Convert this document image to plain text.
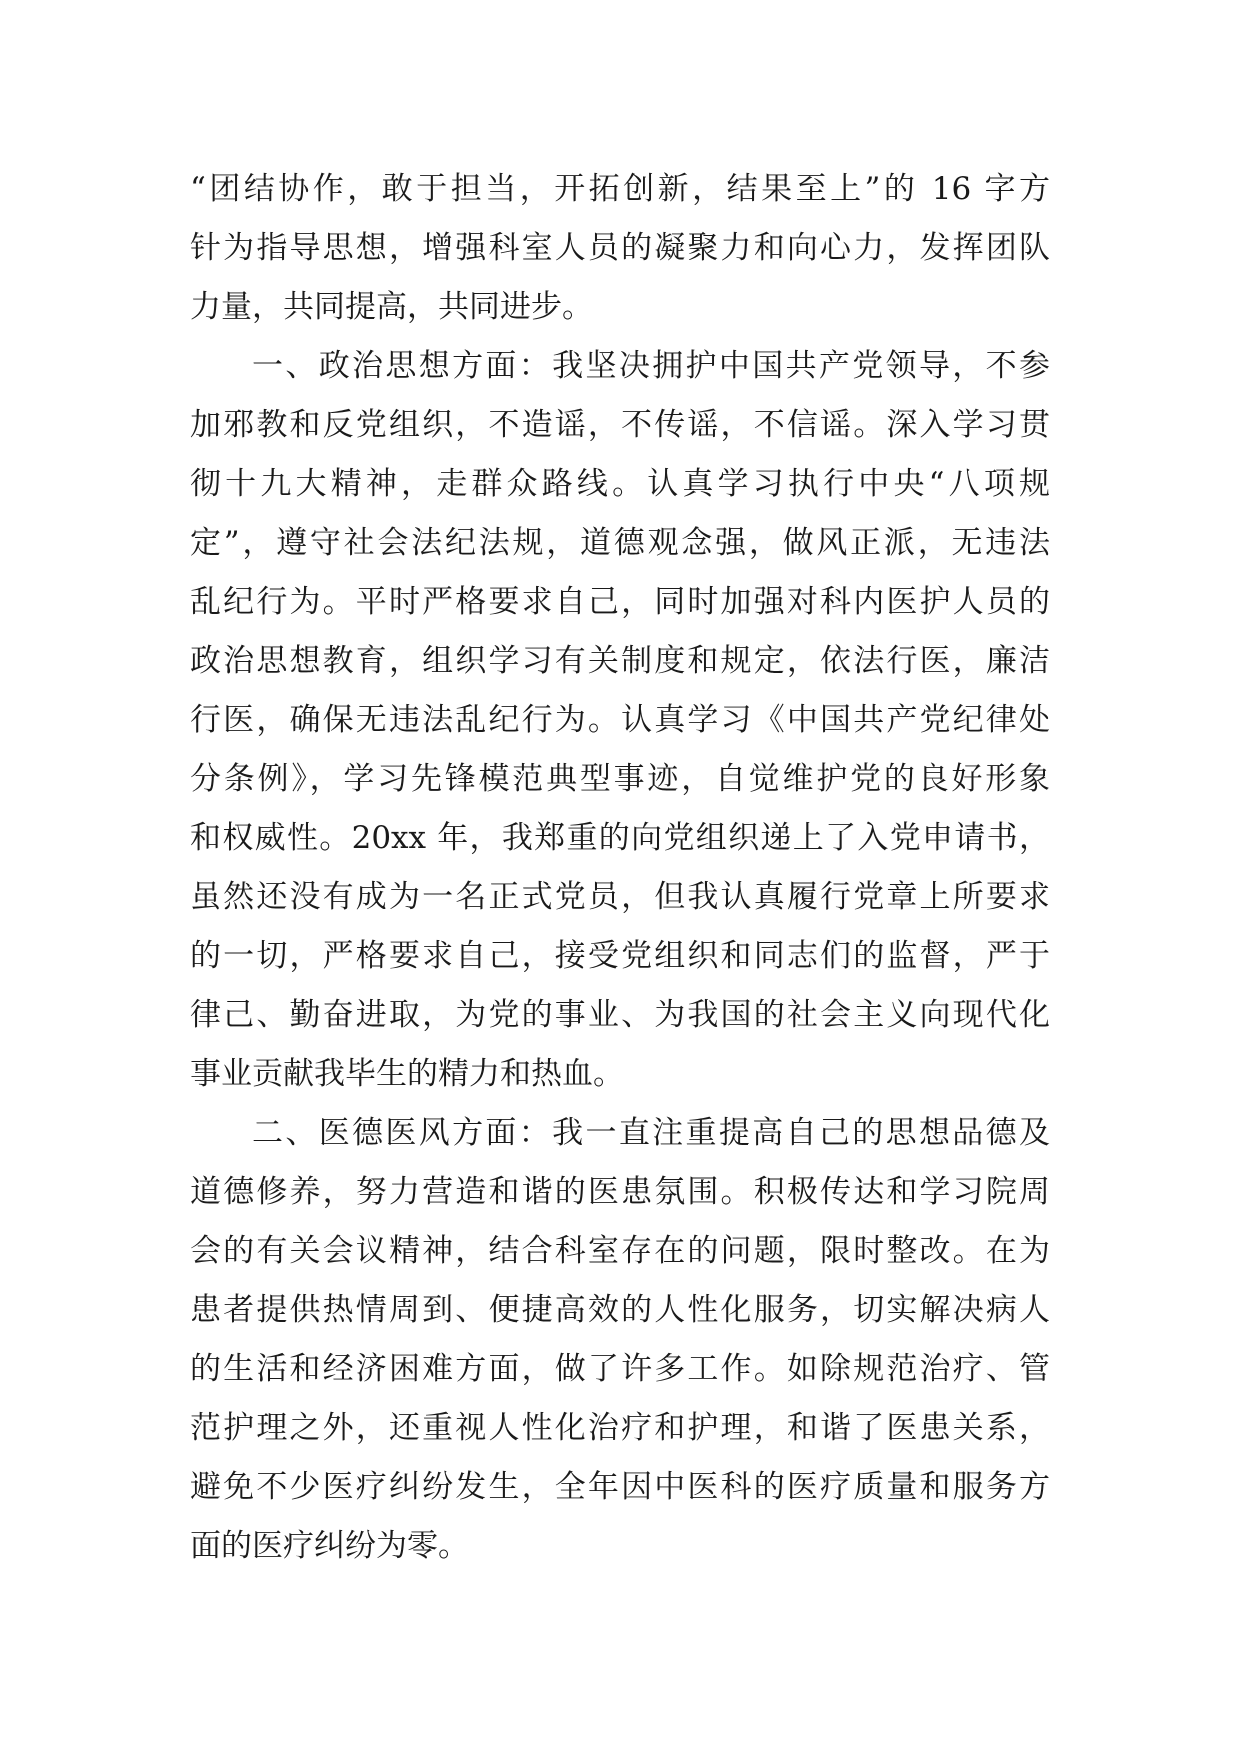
“团结协作，敢于担当，开拓创新，结果至上”的 16 字方
针为指导思想，增强科室人员的凝聚力和向心力，发挥团队
力量，共同提高，共同进步。
一、政治思想方面：我坚决拥护中国共产党领导，不参
加邪教和反党组织，不造谣，不传谣，不信谣。深入学习贯
彻十九大精神，走群众路线。认真学习执行中央“八项规
定”，遵守社会法纪法规，道德观念强，做风正派，无违法
乱纪行为。平时严格要求自己，同时加强对科内医护人员的
政治思想教育，组织学习有关制度和规定，依法行医，廉洁
行医，确保无违法乱纪行为。认真学习《中国共产党纪律处
分条例》，学习先锋模范典型事迹，自觉维护党的良好形象
和权威性。20xx 年，我郑重的向党组织递上了入党申请书，
虽然还没有成为一名正式党员，但我认真履行党章上所要求
的一切，严格要求自己，接受党组织和同志们的监督，严于
律己、勤奋进取，为党的事业、为我国的社会主义向现代化
事业贡献我毕生的精力和热血。
二、医德医风方面：我一直注重提高自己的思想品德及
道德修养，努力营造和谐的医患氛围。积极传达和学习院周
会的有关会议精神，结合科室存在的问题，限时整改。在为
患者提供热情周到、便捷高效的人性化服务，切实解决病人
的生活和经济困难方面，做了许多工作。如除规范治疗、管
范护理之外，还重视人性化治疗和护理，和谐了医患关系，
避免不少医疗纠纷发生，全年因中医科的医疗质量和服务方
面的医疗纠纷为零。
